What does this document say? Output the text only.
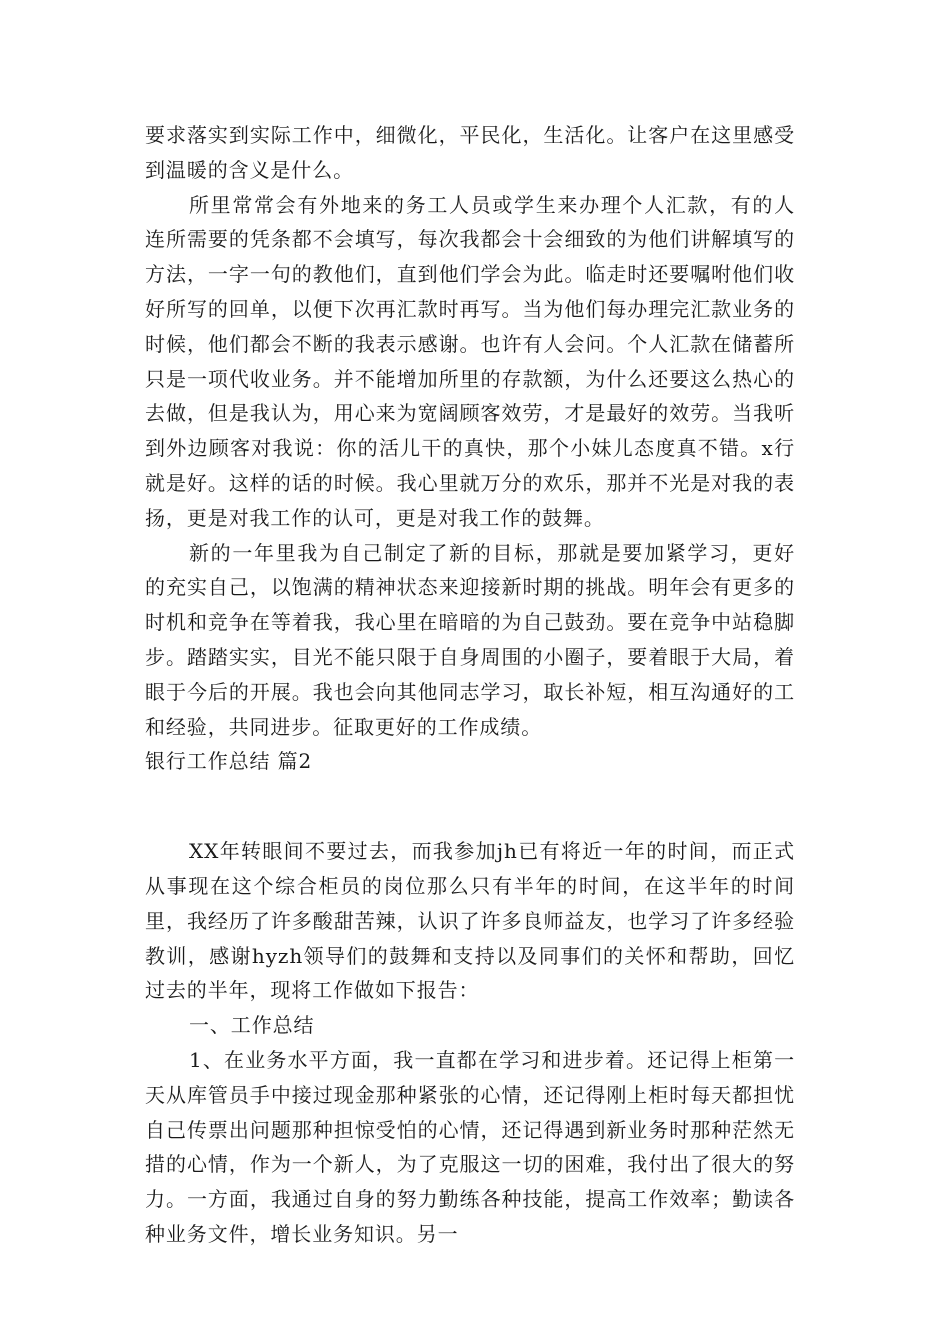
要求落实到实际工作中，细微化，平民化，生活化。让客户在这里感受到温暖的含义是什么。

所里常常会有外地来的务工人员或学生来办理个人汇款，有的人连所需要的凭条都不会填写，每次我都会十会细致的为他们讲解填写的方法，一字一句的教他们，直到他们学会为此。临走时还要嘱咐他们收好所写的回单，以便下次再汇款时再写。当为他们每办理完汇款业务的时候，他们都会不断的我表示感谢。也许有人会问。个人汇款在储蓄所只是一项代收业务。并不能增加所里的存款额，为什么还要这么热心的去做，但是我认为，用心来为宽阔顾客效劳，才是最好的效劳。当我听到外边顾客对我说：你的活儿干的真快，那个小妹儿态度真不错。x行就是好。这样的话的时候。我心里就万分的欢乐，那并不光是对我的表扬，更是对我工作的认可，更是对我工作的鼓舞。

新的一年里我为自己制定了新的目标，那就是要加紧学习，更好的充实自己，以饱满的精神状态来迎接新时期的挑战。明年会有更多的时机和竞争在等着我，我心里在暗暗的为自己鼓劲。要在竞争中站稳脚步。踏踏实实，目光不能只限于自身周围的小圈子，要着眼于大局，着眼于今后的开展。我也会向其他同志学习，取长补短，相互沟通好的工和经验，共同进步。征取更好的工作成绩。

银行工作总结 篇2

XX年转眼间不要过去，而我参加jh已有将近一年的时间，而正式从事现在这个综合柜员的岗位那么只有半年的时间，在这半年的时间里，我经历了许多酸甜苦辣，认识了许多良师益友，也学习了许多经验教训，感谢hyzh领导们的鼓舞和支持以及同事们的关怀和帮助，回忆过去的半年，现将工作做如下报告：

一、工作总结

1、在业务水平方面，我一直都在学习和进步着。还记得上柜第一天从库管员手中接过现金那种紧张的心情，还记得刚上柜时每天都担忧自己传票出问题那种担惊受怕的心情，还记得遇到新业务时那种茫然无措的心情，作为一个新人，为了克服这一切的困难，我付出了很大的努力。一方面，我通过自身的努力勤练各种技能，提高工作效率；勤读各种业务文件，增长业务知识。另一
